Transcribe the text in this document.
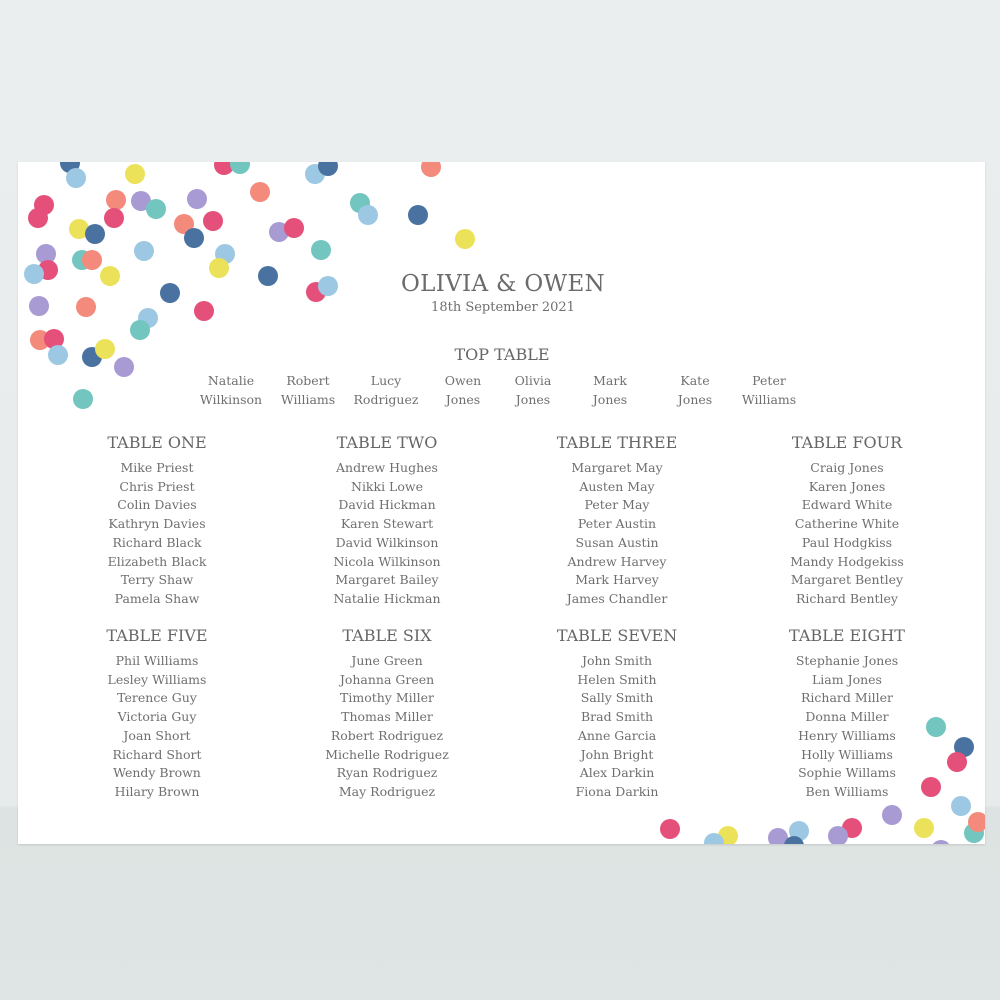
OLIVIA & OWEN
18th September 2021
TOP TABLE
Natalie
Wilkinson
Robert
Williams
Lucy
Rodriguez
Owen
Jones
Olivia
Jones
Mark
Jones
Kate
Jones
Peter
Williams
TABLE ONE
Mike Priest
Chris Priest
Colin Davies
Kathryn Davies
Richard Black
Elizabeth Black
Terry Shaw
Pamela Shaw
TABLE TWO
Andrew Hughes
Nikki Lowe
David Hickman
Karen Stewart
David Wilkinson
Nicola Wilkinson
Margaret Bailey
Natalie Hickman
TABLE THREE
Margaret May
Austen May
Peter May
Peter Austin
Susan Austin
Andrew Harvey
Mark Harvey
James Chandler
TABLE FOUR
Craig Jones
Karen Jones
Edward White
Catherine White
Paul Hodgkiss
Mandy Hodgekiss
Margaret Bentley
Richard Bentley
TABLE FIVE
Phil Williams
Lesley Williams
Terence Guy
Victoria Guy
Joan Short
Richard Short
Wendy Brown
Hilary Brown
TABLE SIX
June Green
Johanna Green
Timothy Miller
Thomas Miller
Robert Rodriguez
Michelle Rodriguez
Ryan Rodriguez
May Rodriguez
TABLE SEVEN
John Smith
Helen Smith
Sally Smith
Brad Smith
Anne Garcia
John Bright
Alex Darkin
Fiona Darkin
TABLE EIGHT
Stephanie Jones
Liam Jones
Richard Miller
Donna Miller
Henry Williams
Holly Williams
Sophie Willams
Ben Williams
